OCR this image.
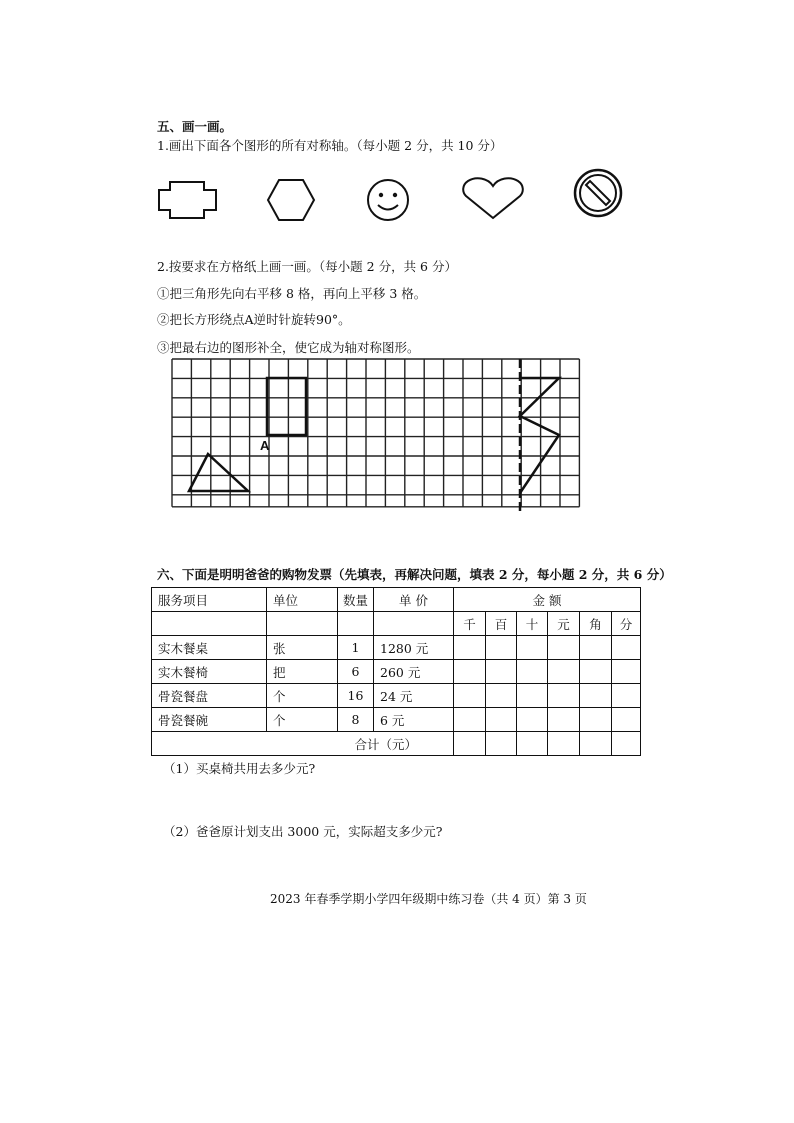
五、画一画。
1.画出下面各个图形的所有对称轴。（每小题 2 分，共 10 分）
2.按要求在方格纸上画一画。（每小题 2 分，共 6 分）
①把三角形先向右平移 8 格，再向上平移 3 格。
②把长方形绕点A逆时针旋转90°。
③把最右边的图形补全，使它成为轴对称图形。
A
六、下面是明明爸爸的购物发票（先填表，再解决问题，填表 2 分，每小题 2 分，共 6 分）
服务项目	单位	数量	单 价	金 额					
				千	百	十	元	角	分
实木餐桌	张	1	1280 元						
实木餐椅	把	6	260 元						
骨瓷餐盘	个	16	24 元						
骨瓷餐碗	个	8	6 元						
合计（元）									
（1）买桌椅共用去多少元?
（2）爸爸原计划支出 3000 元，实际超支多少元?
2023 年春季学期小学四年级期中练习卷（共 4 页）第 3 页
